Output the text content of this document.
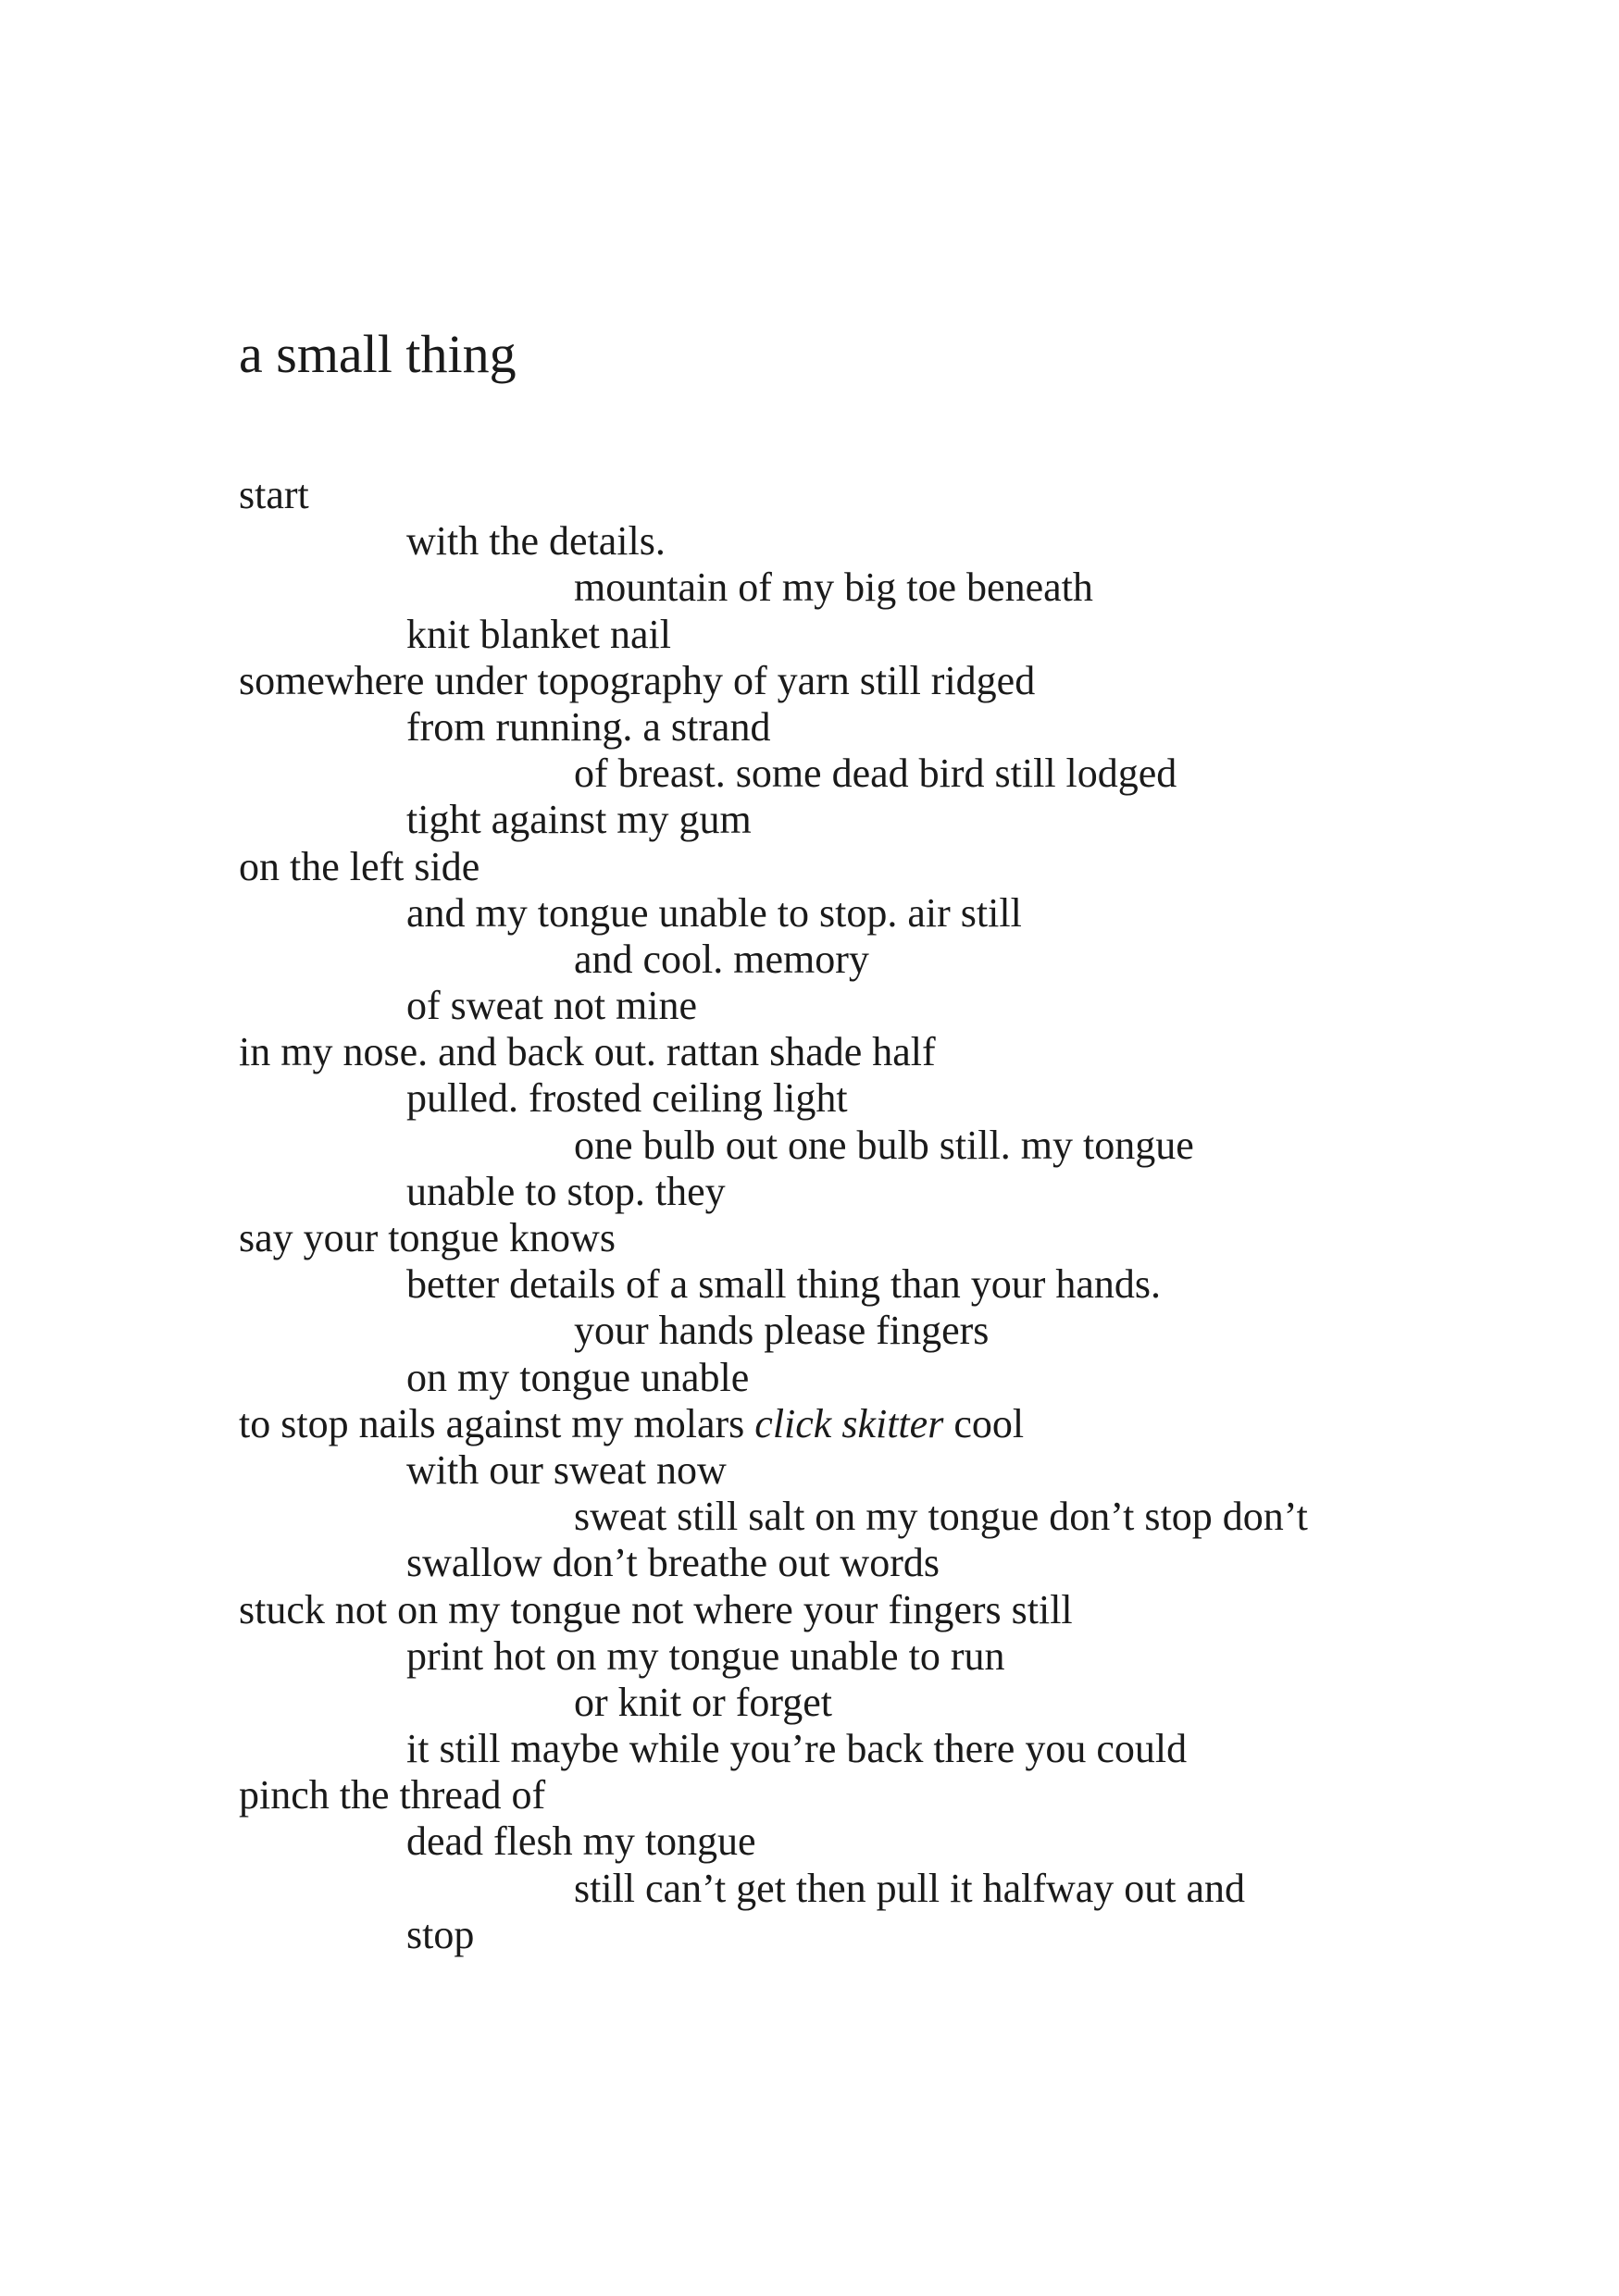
a small thing
start
with the details.
mountain of my big toe beneath
knit blanket nail
somewhere under topography of yarn still ridged
from running. a strand
of breast. some dead bird still lodged
tight against my gum
on the left side
and my tongue unable to stop. air still
and cool. memory
of sweat not mine
in my nose. and back out. rattan shade half
pulled. frosted ceiling light
one bulb out one bulb still. my tongue
unable to stop. they
say your tongue knows
better details of a small thing than your hands.
your hands please fingers
on my tongue unable
to stop nails against my molars click skitter cool
with our sweat now
sweat still salt on my tongue don’t stop don’t
swallow don’t breathe out words
stuck not on my tongue not where your fingers still
print hot on my tongue unable to run
or knit or forget
it still maybe while you’re back there you could
pinch the thread of
dead flesh my tongue
still can’t get then pull it halfway out and
stop
